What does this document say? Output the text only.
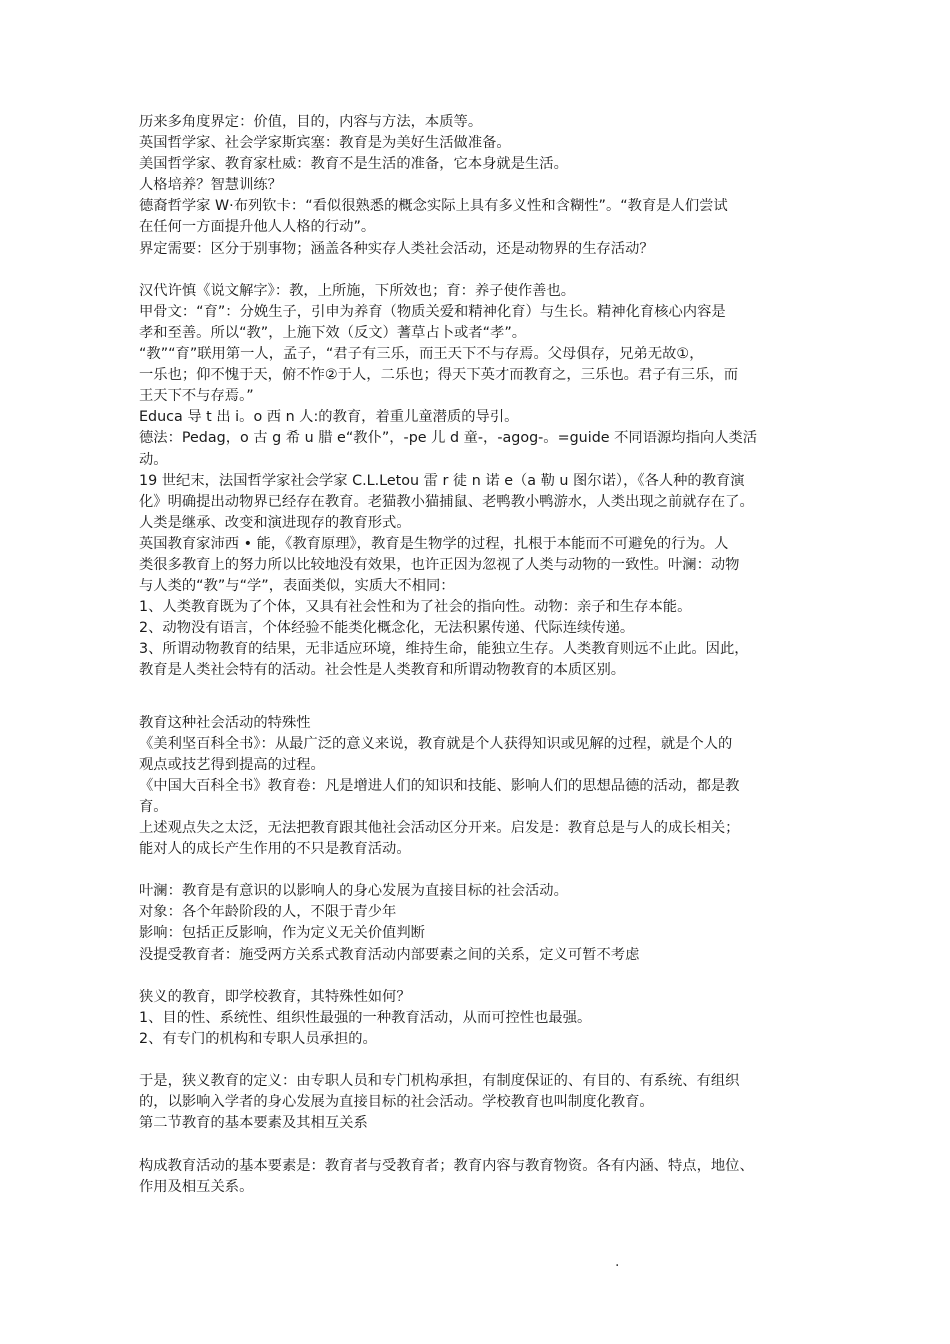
历来多角度界定：价值，目的，内容与方法，本质等。
英国哲学家、社会学家斯宾塞：教育是为美好生活做准备。
美国哲学家、教育家杜威：教育不是生活的准备，它本身就是生活。
人格培养？智慧训练？
德裔哲学家 W·布列钦卡：“看似很熟悉的概念实际上具有多义性和含糊性”。“教育是人们尝试
在任何一方面提升他人人格的行动”。
界定需要：区分于别事物；涵盖各种实存人类社会活动，还是动物界的生存活动？
汉代许慎《说文解字》：教，上所施，下所效也；育：养子使作善也。
甲骨文：“育”：分娩生子，引申为养育（物质关爱和精神化育）与生长。精神化育核心内容是
孝和至善。所以“教”，上施下效（反文）蓍草占卜或者“孝”。
“教”“育”联用第一人，孟子，“君子有三乐，而王天下不与存焉。父母俱存，兄弟无故①，
一乐也；仰不愧于天，俯不怍②于人，二乐也；得天下英才而教育之，三乐也。君子有三乐，而
王天下不与存焉。”
Educa 导 t 出 i。o 西 n 人:的教育，着重儿童潜质的导引。
德法：Pedag，o 古 g 希 u 腊 e“教仆”，-pe 儿 d 童-，-agog-。=guide 不同语源均指向人类活
动。
19 世纪末，法国哲学家社会学家 C.L.Letou 雷 r 徒 n 诺 e（a 勒 u 图尔诺），《各人种的教育演
化》明确提出动物界已经存在教育。老猫教小猫捕鼠、老鸭教小鸭游水，人类出现之前就存在了。
人类是继承、改变和演进现存的教育形式。
英国教育家沛西 • 能，《教育原理》，教育是生物学的过程，扎根于本能而不可避免的行为。人
类很多教育上的努力所以比较地没有效果，也许正因为忽视了人类与动物的一致性。叶澜：动物
与人类的“教”与“学”，表面类似，实质大不相同：
1、人类教育既为了个体，又具有社会性和为了社会的指向性。动物：亲子和生存本能。
2、动物没有语言，个体经验不能类化概念化，无法积累传递、代际连续传递。
3、所谓动物教育的结果，无非适应环境，维持生命，能独立生存。人类教育则远不止此。因此，
教育是人类社会特有的活动。社会性是人类教育和所谓动物教育的本质区别。
教育这种社会活动的特殊性
《美利坚百科全书》：从最广泛的意义来说，教育就是个人获得知识或见解的过程，就是个人的
观点或技艺得到提高的过程。
《中国大百科全书》教育卷：凡是增进人们的知识和技能、影响人们的思想品德的活动，都是教
育。
上述观点失之太泛，无法把教育跟其他社会活动区分开来。启发是：教育总是与人的成长相关；
能对人的成长产生作用的不只是教育活动。
叶澜：教育是有意识的以影响人的身心发展为直接目标的社会活动。
对象：各个年龄阶段的人，不限于青少年
影响：包括正反影响，作为定义无关价值判断
没提受教育者：施受两方关系式教育活动内部要素之间的关系，定义可暂不考虑
狭义的教育，即学校教育，其特殊性如何？
1、目的性、系统性、组织性最强的一种教育活动，从而可控性也最强。
2、有专门的机构和专职人员承担的。
于是，狭义教育的定义：由专职人员和专门机构承担，有制度保证的、有目的、有系统、有组织
的，以影响入学者的身心发展为直接目标的社会活动。学校教育也叫制度化教育。
第二节教育的基本要素及其相互关系
构成教育活动的基本要素是：教育者与受教育者；教育内容与教育物资。各有内涵、特点，地位、
作用及相互关系。
.
